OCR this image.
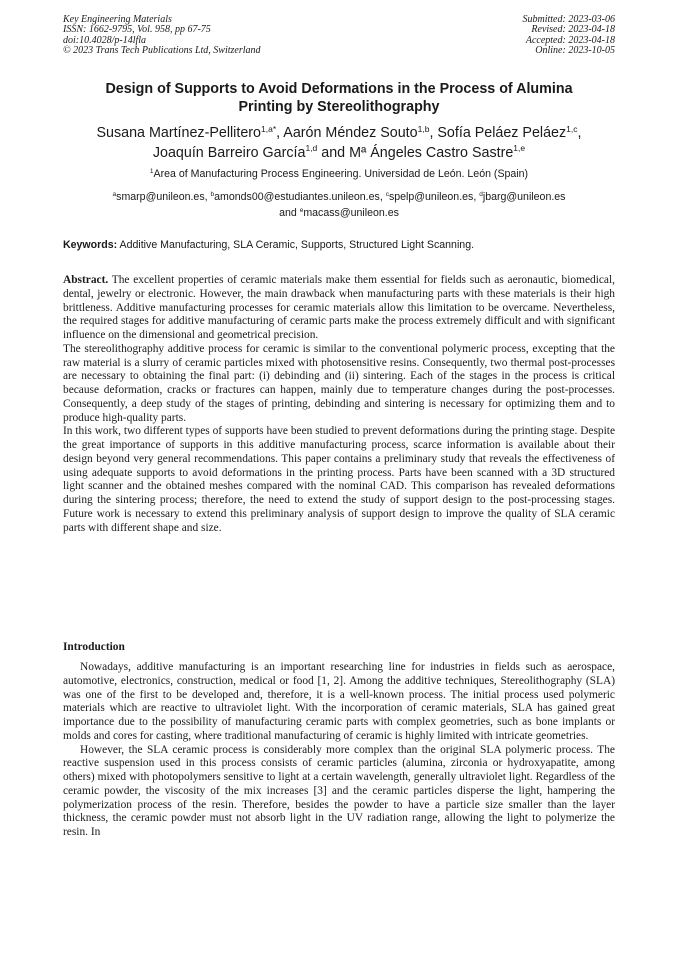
Key Engineering Materials
ISSN: 1662-9795, Vol. 958, pp 67-75
doi:10.4028/p-14lfla
© 2023 Trans Tech Publications Ltd, Switzerland
Submitted: 2023-03-06
Revised: 2023-04-18
Accepted: 2023-04-18
Online: 2023-10-05
Design of Supports to Avoid Deformations in the Process of Alumina
Printing by Stereolithography
Susana Martínez-Pellitero$^{1,a*}$, Aarón Méndez Souto$^{1,b}$, Sofía Peláez Peláez$^{1,c}$,
Joaquín Barreiro García$^{1,d}$ and Mª Ángeles Castro Sastre$^{1,e}$
$^1$Area of Manufacturing Process Engineering. Universidad de León. León (Spain)
$^a$smarp@unileon.es, $^b$amonds00@estudiantes.unileon.es, $^c$spelp@unileon.es, $^d$jbarg@unileon.es
and $^e$macass@unileon.es
Keywords: Additive Manufacturing, SLA Ceramic, Supports, Structured Light Scanning.

Abstract. The excellent properties of ceramic materials make them essential for fields such as aeronautic, biomedical, dental, jewelry or electronic. However, the main drawback when manufacturing parts with these materials is their high brittleness. Additive manufacturing processes for ceramic materials allow this limitation to be overcame. Nevertheless, the required stages for additive manufacturing of ceramic parts make the process extremely difficult and with significant influence on the dimensional and geometrical precision.

The stereolithography additive process for ceramic is similar to the conventional polymeric process, excepting that the raw material is a slurry of ceramic particles mixed with photosensitive resins. Consequently, two thermal post-processes are necessary to obtaining the final part: (i) debinding and (ii) sintering. Each of the stages in the process is critical because deformation, cracks or fractures can happen, mainly due to temperature changes during the post-processes. Consequently, a deep study of the stages of printing, debinding and sintering is necessary for optimizing them and to produce high-quality parts.

In this work, two different types of supports have been studied to prevent deformations during the printing stage. Despite the great importance of supports in this additive manufacturing process, scarce information is available about their design beyond very general recommendations. This paper contains a preliminary study that reveals the effectiveness of using adequate supports to avoid deformations in the printing process. Parts have been scanned with a 3D structured light scanner and the obtained meshes compared with the nominal CAD. This comparison has revealed deformations during the sintering process; therefore, the need to extend the study of support design to the post-processing stages. Future work is necessary to extend this preliminary analysis of support design to improve the quality of SLA ceramic parts with different shape and size.

Introduction

Nowadays, additive manufacturing is an important researching line for industries in fields such as aerospace, automotive, electronics, construction, medical or food [1, 2]. Among the additive techniques, Stereolithography (SLA) was one of the first to be developed and, therefore, it is a well-known process. The initial process used polymeric materials which are reactive to ultraviolet light. With the incorporation of ceramic materials, SLA has gained great importance due to the possibility of manufacturing ceramic parts with complex geometries, such as bone implants or molds and cores for casting, where traditional manufacturing of ceramic is highly limited with intricate geometries.

However, the SLA ceramic process is considerably more complex than the original SLA polymeric process. The reactive suspension used in this process consists of ceramic particles (alumina, zirconia or hydroxyapatite, among others) mixed with photopolymers sensitive to light at a certain wavelength, generally ultraviolet light. Regardless of the ceramic powder, the viscosity of the mix increases [3] and the ceramic particles disperse the light, hampering the polymerization process of the resin. Therefore, besides the powder to have a particle size smaller than the layer thickness, the ceramic powder must not absorb light in the UV radiation range, allowing the light to polymerize the resin. In
